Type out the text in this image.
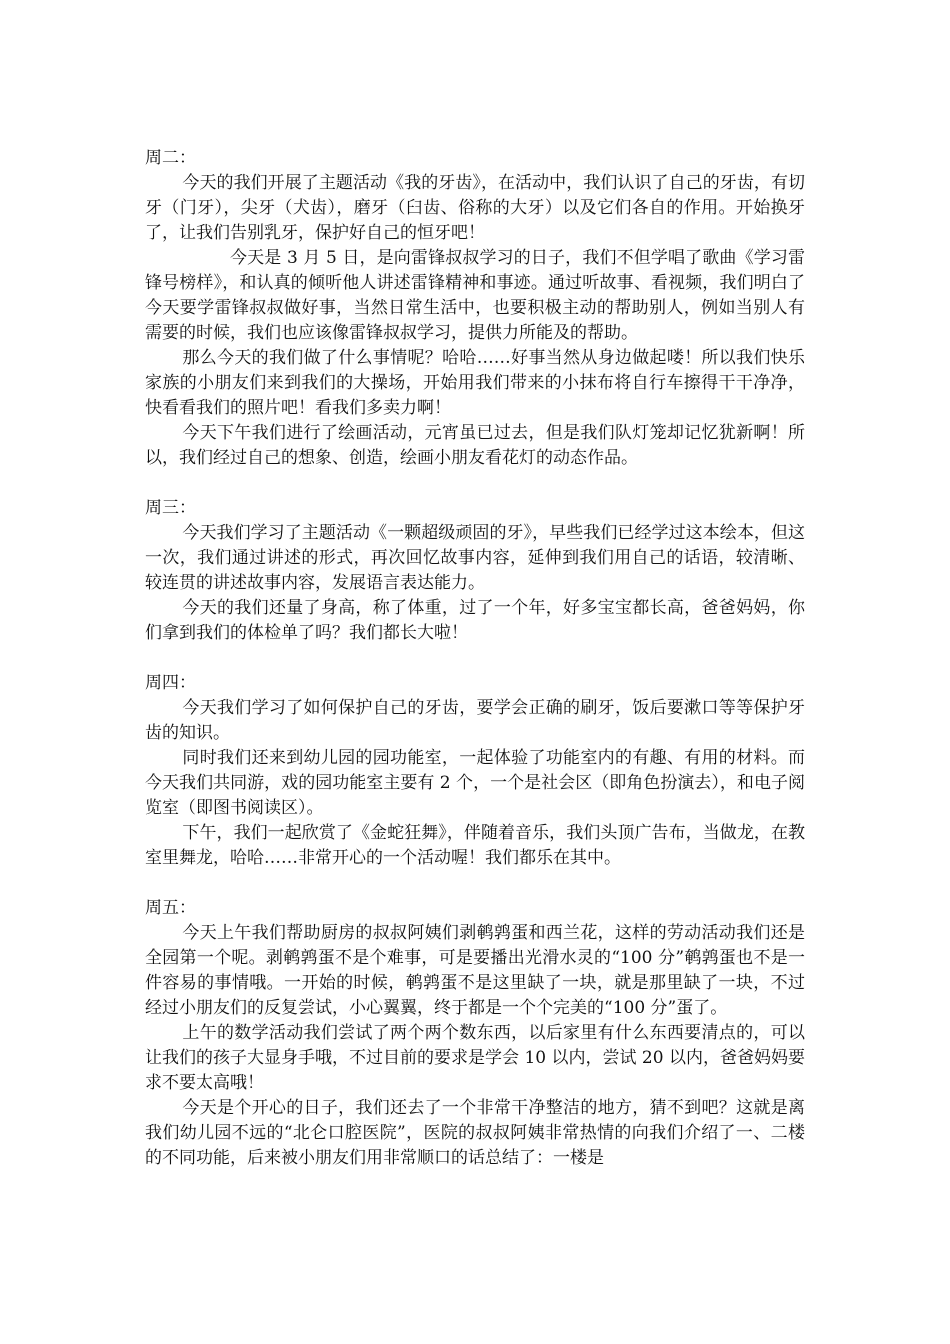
周二：

今天的我们开展了主题活动《我的牙齿》，在活动中，我们认识了自己的牙齿，有切牙（门牙），尖牙（犬齿），磨牙（臼齿、俗称的大牙）以及它们各自的作用。开始换牙了，让我们告别乳牙，保护好自己的恒牙吧！

今天是 3 月 5 日，是向雷锋叔叔学习的日子，我们不但学唱了歌曲《学习雷锋号榜样》，和认真的倾听他人讲述雷锋精神和事迹。通过听故事、看视频，我们明白了今天要学雷锋叔叔做好事，当然日常生活中，也要积极主动的帮助别人，例如当别人有需要的时候，我们也应该像雷锋叔叔学习，提供力所能及的帮助。

那么今天的我们做了什么事情呢？哈哈……好事当然从身边做起喽！所以我们快乐家族的小朋友们来到我们的大操场，开始用我们带来的小抹布将自行车擦得干干净净，快看看我们的照片吧！看我们多卖力啊！

今天下午我们进行了绘画活动，元宵虽已过去，但是我们队灯笼却记忆犹新啊！所以，我们经过自己的想象、创造，绘画小朋友看花灯的动态作品。

周三：

今天我们学习了主题活动《一颗超级顽固的牙》，早些我们已经学过这本绘本，但这一次，我们通过讲述的形式，再次回忆故事内容，延伸到我们用自己的话语，较清晰、较连贯的讲述故事内容，发展语言表达能力。

今天的我们还量了身高，称了体重，过了一个年，好多宝宝都长高，爸爸妈妈，你们拿到我们的体检单了吗？我们都长大啦！

周四：

今天我们学习了如何保护自己的牙齿，要学会正确的刷牙，饭后要漱口等等保护牙齿的知识。

同时我们还来到幼儿园的园功能室，一起体验了功能室内的有趣、有用的材料。而今天我们共同游，戏的园功能室主要有 2 个，一个是社会区（即角色扮演去），和电子阅览室（即图书阅读区）。

下午，我们一起欣赏了《金蛇狂舞》，伴随着音乐，我们头顶广告布，当做龙，在教室里舞龙，哈哈……非常开心的一个活动喔！我们都乐在其中。

周五：

今天上午我们帮助厨房的叔叔阿姨们剥鹌鹑蛋和西兰花，这样的劳动活动我们还是全园第一个呢。剥鹌鹑蛋不是个难事，可是要播出光滑水灵的“100 分”鹌鹑蛋也不是一件容易的事情哦。一开始的时候，鹌鹑蛋不是这里缺了一块，就是那里缺了一块，不过经过小朋友们的反复尝试，小心翼翼，终于都是一个个完美的“100 分”蛋了。

上午的数学活动我们尝试了两个两个数东西，以后家里有什么东西要清点的，可以让我们的孩子大显身手哦，不过目前的要求是学会 10 以内，尝试 20 以内，爸爸妈妈要求不要太高哦！

今天是个开心的日子，我们还去了一个非常干净整洁的地方，猜不到吧？这就是离我们幼儿园不远的“北仑口腔医院”，医院的叔叔阿姨非常热情的向我们介绍了一、二楼的不同功能，后来被小朋友们用非常顺口的话总结了：一楼是
